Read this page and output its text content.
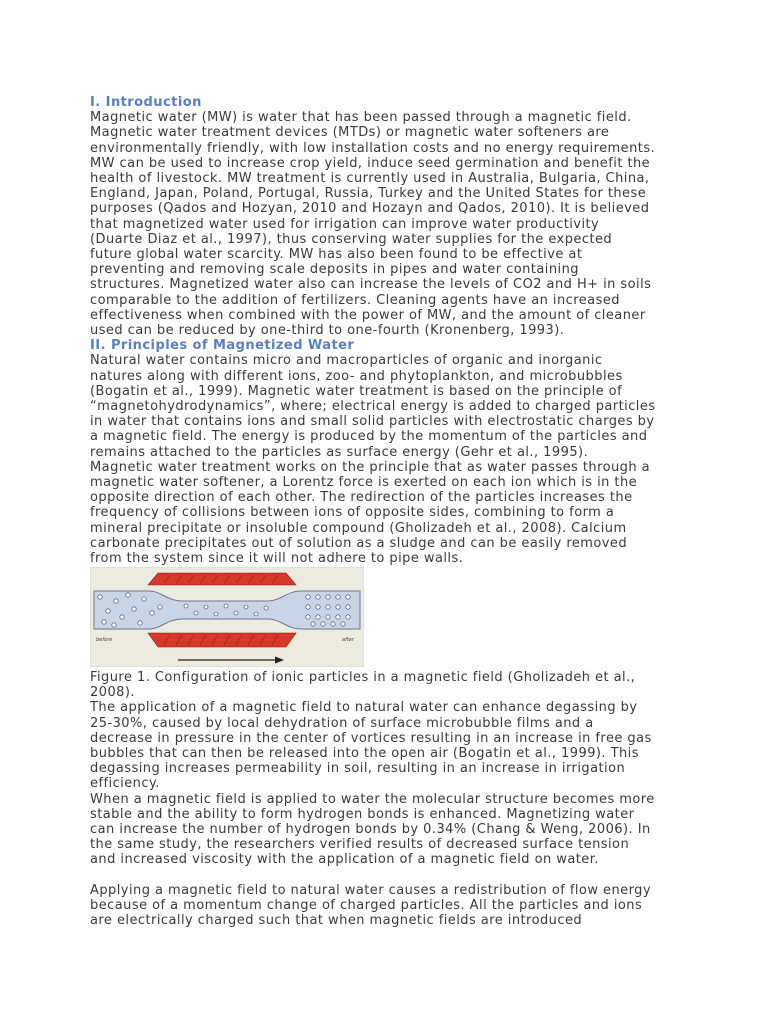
I. Introduction
Magnetic water (MW) is water that has been passed through a magnetic field.
Magnetic water treatment devices (MTDs) or magnetic water softeners are
environmentally friendly, with low installation costs and no energy requirements.
MW can be used to increase crop yield, induce seed germination and benefit the
health of livestock. MW treatment is currently used in Australia, Bulgaria, China,
England, Japan, Poland, Portugal, Russia, Turkey and the United States for these
purposes (Qados and Hozyan, 2010 and Hozayn and Qados, 2010). It is believed
that magnetized water used for irrigation can improve water productivity
(Duarte Diaz et al., 1997), thus conserving water supplies for the expected
future global water scarcity. MW has also been found to be effective at
preventing and removing scale deposits in pipes and water containing
structures. Magnetized water also can increase the levels of CO2 and H+ in soils
comparable to the addition of fertilizers. Cleaning agents have an increased
effectiveness when combined with the power of MW, and the amount of cleaner
used can be reduced by one-third to one-fourth (Kronenberg, 1993).
II. Principles of Magnetized Water
Natural water contains micro and macroparticles of organic and inorganic
natures along with different ions, zoo- and phytoplankton, and microbubbles
(Bogatin et al., 1999). Magnetic water treatment is based on the principle of
“magnetohydrodynamics”, where; electrical energy is added to charged particles
in water that contains ions and small solid particles with electrostatic charges by
a magnetic field. The energy is produced by the momentum of the particles and
remains attached to the particles as surface energy (Gehr et al., 1995).
Magnetic water treatment works on the principle that as water passes through a
magnetic water softener, a Lorentz force is exerted on each ion which is in the
opposite direction of each other. The redirection of the particles increases the
frequency of collisions between ions of opposite sides, combining to form a
mineral precipitate or insoluble compound (Gholizadeh et al., 2008). Calcium
carbonate precipitates out of solution as a sludge and can be easily removed
from the system since it will not adhere to pipe walls.
before	after
Figure 1. Configuration of ionic particles in a magnetic field (Gholizadeh et al.,
2008).
The application of a magnetic field to natural water can enhance degassing by
25-30%, caused by local dehydration of surface microbubble films and a
decrease in pressure in the center of vortices resulting in an increase in free gas
bubbles that can then be released into the open air (Bogatin et al., 1999). This
degassing increases permeability in soil, resulting in an increase in irrigation
efficiency.
When a magnetic field is applied to water the molecular structure becomes more
stable and the ability to form hydrogen bonds is enhanced. Magnetizing water
can increase the number of hydrogen bonds by 0.34% (Chang & Weng, 2006). In
the same study, the researchers verified results of decreased surface tension
and increased viscosity with the application of a magnetic field on water.
Applying a magnetic field to natural water causes a redistribution of flow energy
because of a momentum change of charged particles. All the particles and ions
are electrically charged such that when magnetic fields are introduced
